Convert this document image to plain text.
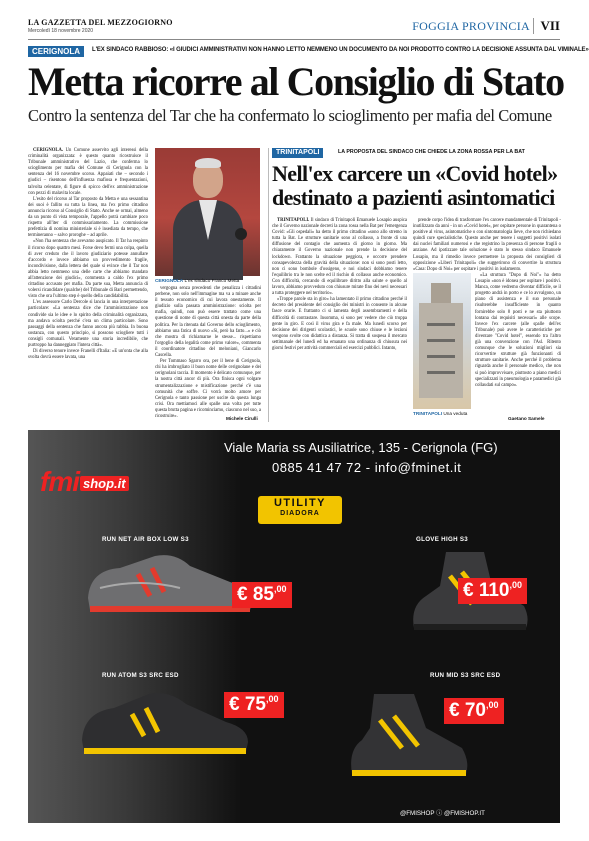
LA GAZZETTA DEL MEZZOGIORNO
Mercoledì 18 novembre 2020	FOGGIA PROVINCIA VII
CERIGNOLA	L'EX SINDACO RABBIOSO: «I GIUDICI AMMINISTRATIVI NON HANNO LETTO NEMMENO UN DOCUMENTO DA NOI PRODOTTO CONTRO LA DECISIONE ASSUNTA DAL VIMINALE»
Metta ricorre al Consiglio di Stato
Contro la sentenza del Tar che ha confermato lo scioglimento per mafia del Comune

CERIGNOLA. Un Comune asservito agli interessi della criminalità organizzata: è questo quanto ricostruisce il Tribunale amministrativo del Lazio, che conferma lo scioglimento per mafia del Comune di Cerignola con la sentenza del 16 novembre scorso. Appaiati che – secondo i giudici – risentono dell'influenza mafiosa e frequentazioni, talvolta celentate, di figure di spicco dell'ex amministrazione con pezzi di malavita locale.

L'esito del ricorso al Tar proposto da Metta e una sessantina dei suoi è fallito su tutta la linea, ma l'ex primo cittadino annuncia ricorso al Consiglio di Stato. Anche se ormai, almeno da un punto di vista temporale, l'appello potrà cambiare poco rispetto all'iter di commissariamento. La commissione prefettizia di nomina ministeriale si è insediata da tempo, che termineranno – salvo proroghe – ad aprile.

«Non l'ha sentenza che avevamo auspicato. Il Tar ha respinto il ricorso dopo quattro mesi. Forse devo fermi una colpa, quella di aver creduto che il lavoro giudiziario potesse annullare d'accordo e invece abbiamo un provvedimento fragile, incondivisione, dalla lettera del quale si evince che il Tar non abbia letto nemmeno una delle carte che abbiamo mandato all'attenzione dei giudici», commenta a caldo l'ex primo cittadino accusato per mafia. Da parte sua, Metta annuncia di volersi ricandidare (qualche) del Tribunale di Bari permettendo, visto che ora l'ultimo step è quello della candidabilità.

L'ex assessore Carlo Dercole si lancia in una interpretazione particolare: «La sentenza dice che l'amministrazione non condivide sia le idee e lo spirito della criminalità organizzata, ma andava sciolta perché c'era un clima particolare. Sono passaggi della sentenza che fanno ancora più rabbia. In buona sostanza, con questo principio, si possono sciogliere tutti i consigli comunali. Veramente una storia incredibile, che purtroppo ha danneggiato l'intera città».

Di diverso tenore invece Franelli d'Italia: «E un'onta che alla svolta dovrà essere lavata, una

CERIGNOLA L'ex sindaco Franco Metta

vergogna senza precedenti che penalizza i cittadini perbene, non solo nell'immagine ma va a minare anche il tessuto economico di cui lavora onestamente. Il giudizio sulla passata amministrazione: sciolta per mafia, quindi, non può essere trattato come una questione di nome di questa città onesta da parte della politica. Per la ritenuta dal Governo dello scioglimento, abbiamo una fatica di nuovo «Si, però ha fatto...» e ciò che mostra di richiamarne le stesse... rispettiamo l'orgoglio della legalità come primo valore», commenta il coordinatore cittadino del meloniani, Giancarlo Cascella.

Per Tommaso Sgarro ora, per il bene di Cerignola, chi ha imbrogliato il buon nome delle cerignolane e dei cerignolani taccia. Il momento è delicato comunque, per la nostra città ancor di più. Ora finisca ogni volgare strumentalizzazione e mistificazione perché c'è una comunità che soffre. Ci vorrà molto amore per Cerignola e tanto passione per uscire da questa lunga crisi. Ora mettiamoci alle spalle una volta per tutte questa brutta pagina e ricominciamo, ciascuno nel suo, a ricostruire».	Michele Cirulli
TRINITAPOLI	LA PROPOSTA DEL SINDACO CHE CHIEDE LA ZONA ROSSA PER LA BAT
Nell'ex carcere un «Covid hotel» destinato a pazienti asintomatici

TRINITAPOLI. Il sindaco di Trinitapoli Emanuele Losapio auspica che il Governo nazionale decreti la zona rossa nella Bat per l'emergenza Covid: «Gli ospedali» ha detto il primo cittadino «sono allo stremo in tutta la Bat. Le strutture sanitarie sono al collasso, a fronte di una diffusione del contagio che aumenta di giorno in giorno. Ma chiaramente il Governo nazionale non prende la decisione del lockdown. Frattanto la situazione peggiora, e occorre prendere consapevolezza della gravità della situazione: non si sono posti letto, non ci sono bombole d'ossigeno, e noi sindaci dobbiamo tenere l'equilibrio tra le non scelte ed il rischio di collasso anche economico. Con difficoltà, cercando di equilibrare diritto alla salute e quello al lavoro, abbiamo provveduto con chiusure mirate fino dei nevi necessari a tutta proteggere nel territorio».

«Troppe parole sta in giro» ha lamentato il primo cittadino perché il decreto del presidente del consiglio dei ministri in consente in alcune fasce orarie. E frattanto ci si lamenta degli assembramenti e della difficoltà di contrastare. Insomma, si sono per vedere che ciò troppa gente in giro. E così il virus gira e fa male. Ma lunedì scorso per decisione dei dirigenti scolastici, le scuole sono chiuse e le lezioni vengono svolte con didattica a distanza. Si tratta di sospesa il mercato settimanale del lunedì ed ha emanato una ordinanza di chiusura nei giorni festivi per attività commerciali ed esercizi pubblici. Intanto,

prende corpo l'idea di trasformare l'ex carcere mandamentale di Trinitapoli - inutilizzato da anni - in un «Covid hotel», per ospitare persone in quarantena o positive al virus, asintomatiche o con sintomatologia lieve, che non richiedano quindi cure specialistiche. Questo anche per tenere i soggetti positivi isolati dai nuclei familiari numerosi e che registrino la presenza di persone fragili o anziane. Ad ipotizzare tale soluzione è stato lo stesso sindaco Emanuele Losapio, ma il rimedio invece permettere la proposta dei consiglieri di opposizione «Liberi Trinitapoli» che suggerirono di convertire la struttura «Casa: Dopo di Noi» per ospitare i positivi in isolamento.

TRINITAPOLI Una veduta

«La struttura "Dopo di Noi"» ha detto Losapio «non è idonea per ospitare i positivi. Manca, come vedremo diventar difficile, se il progetto andrà in porto e ce lo avvalgono, un piano di assistenza e il suo personale risulterebbe insufficiente in quanto fornirebbe solo 8 posti e ne sta piuttosto lontana dai requisiti necessari» alle scope. Invece l'ex carcere (alle spalle dell'ex Tribunale) può avere le caratteristiche per diventare "Covid hotel", essendo tra l'altro già una convenzione con l'Asl. Ritento comunque che le soluzioni migliori sia ricorvertire strutture già funzionanti di strutture sanitarie. Anche perché il problema riguarda anche il personale medico, che non si può improvvisare, piuttosto a piano medici specializzati in pneumologia e paramedici già collaudati sul campo».

Gaetano Samele
fmi shop.it
Viale Maria ss Ausiliatrice, 135 - Cerignola (FG)
0885 41 47 72 - info@fminet.it
UTILITY
DIADORA
RUN NET AIR BOX LOW S3
€ $85^{,00}$
GLOVE HIGH S3
€ $110^{,00}$
RUN ATOM S3 SRC ESD
€ $75^{,00}$
RUN MID S3 SRC ESD
€ $70^{,00}$
@FMISHOP ⓘ @FMISHOP.IT
